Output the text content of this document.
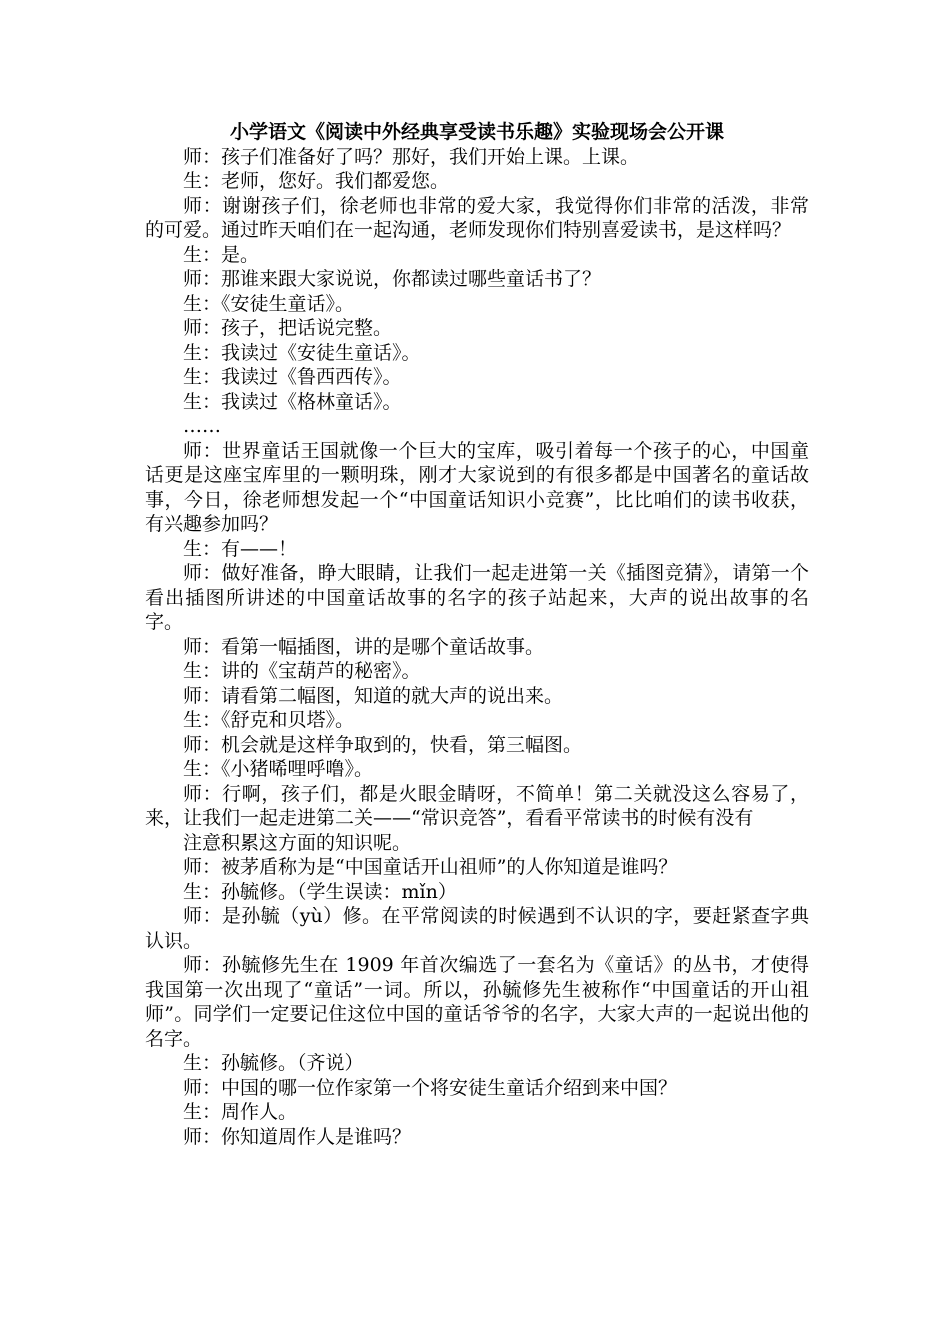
小学语文《阅读中外经典享受读书乐趣》实验现场会公开课

师：孩子们准备好了吗？那好，我们开始上课。上课。

生：老师，您好。我们都爱您。

师：谢谢孩子们，徐老师也非常的爱大家，我觉得你们非常的活泼，非常的可爱。通过昨天咱们在一起沟通，老师发现你们特别喜爱读书，是这样吗？

生：是。

师：那谁来跟大家说说，你都读过哪些童话书了？

生：《安徒生童话》。

师：孩子，把话说完整。

生：我读过《安徒生童话》。

生：我读过《鲁西西传》。

生：我读过《格林童话》。

……

师：世界童话王国就像一个巨大的宝库，吸引着每一个孩子的心，中国童话更是这座宝库里的一颗明珠，刚才大家说到的有很多都是中国著名的童话故事，今日，徐老师想发起一个“中国童话知识小竞赛”，比比咱们的读书收获，有兴趣参加吗？

生：有——！

师：做好准备，睁大眼睛，让我们一起走进第一关《插图竞猜》，请第一个看出插图所讲述的中国童话故事的名字的孩子站起来，大声的说出故事的名字。

师：看第一幅插图，讲的是哪个童话故事。

生：讲的《宝葫芦的秘密》。

师：请看第二幅图，知道的就大声的说出来。

生：《舒克和贝塔》。

师：机会就是这样争取到的，快看，第三幅图。

生：《小猪唏哩呼噜》。

师：行啊，孩子们，都是火眼金睛呀，不简单！第二关就没这么容易了，来，让我们一起走进第二关——“常识竞答”，看看平常读书的时候有没有

注意积累这方面的知识呢。

师：被茅盾称为是“中国童话开山祖师”的人你知道是谁吗？

生：孙毓修。（学生误读：mǐn）

师：是孙毓（yù）修。在平常阅读的时候遇到不认识的字，要赶紧查字典认识。

师：孙毓修先生在 1909 年首次编选了一套名为《童话》的丛书，才使得我国第一次出现了“童话”一词。所以，孙毓修先生被称作“中国童话的开山祖师”。同学们一定要记住这位中国的童话爷爷的名字，大家大声的一起说出他的名字。

生：孙毓修。（齐说）

师：中国的哪一位作家第一个将安徒生童话介绍到来中国？

生：周作人。

师：你知道周作人是谁吗？
